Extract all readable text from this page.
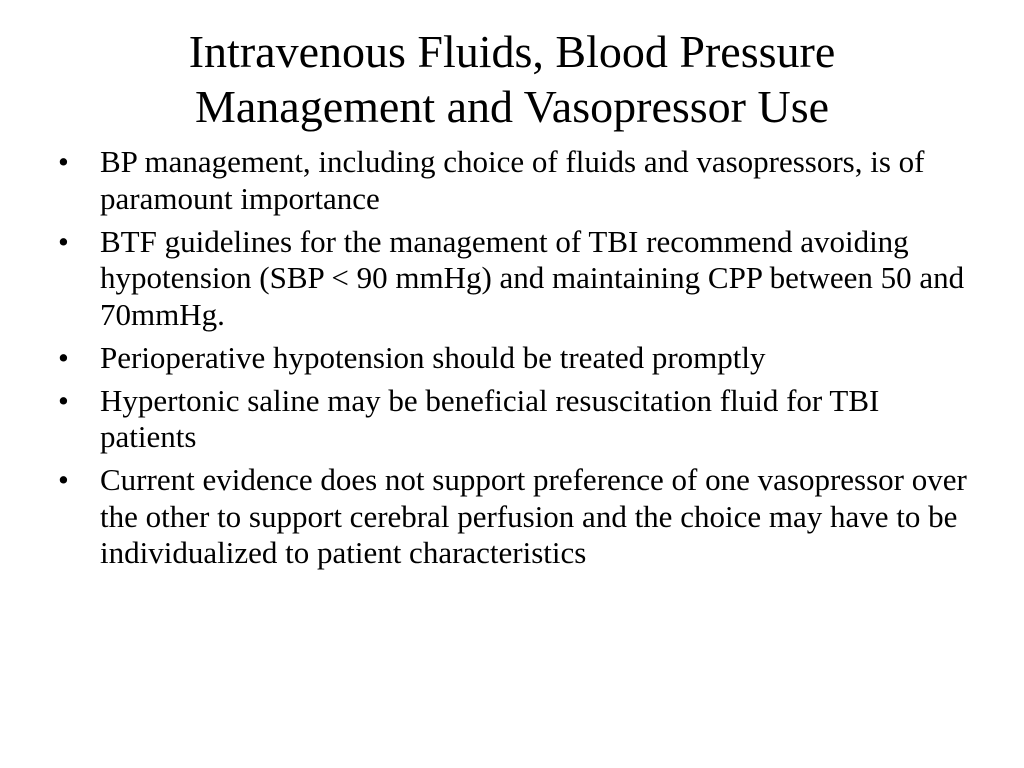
Intravenous Fluids, Blood Pressure
Management and Vasopressor Use
•	BP management, including choice of fluids and vasopressors, is of paramount importance
•	BTF guidelines for the management of TBI recommend avoiding hypotension (SBP < 90 mmHg) and maintaining CPP between 50 and 70mmHg.
•	Perioperative hypotension should be treated promptly
•	Hypertonic saline may be beneficial resuscitation fluid for TBI patients
•	Current evidence does not support preference of one vasopressor over the other to support cerebral perfusion and the choice may have to be individualized to patient characteristics
